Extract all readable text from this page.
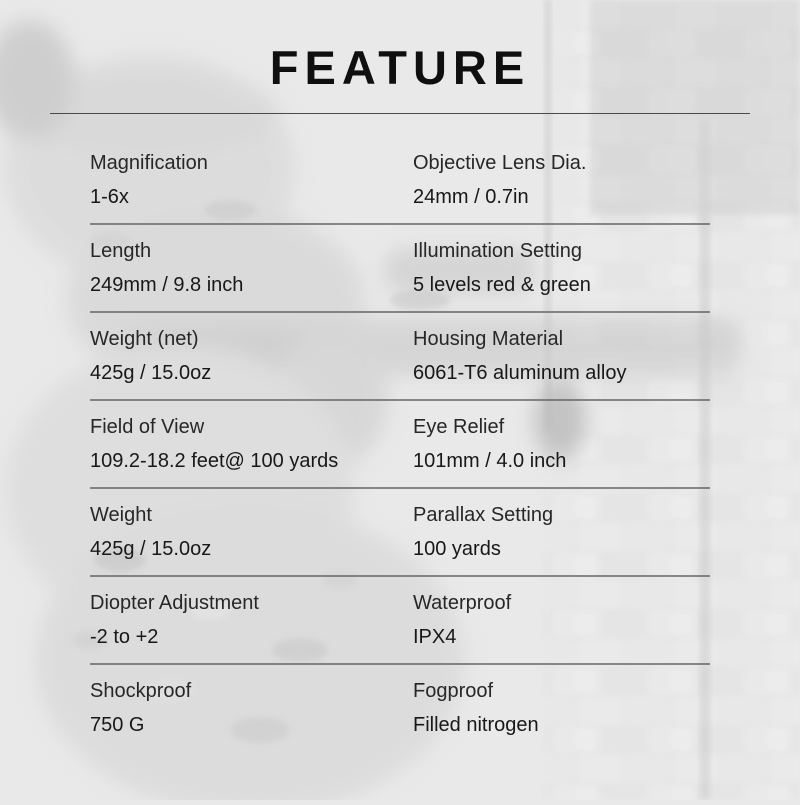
FEATURE
Magnification
1-6x
Objective Lens Dia.
24mm / 0.7in
Length
249mm / 9.8 inch
Illumination Setting
5 levels red & green
Weight (net)
425g / 15.0oz
Housing Material
6061-T6 aluminum alloy
Field of View
109.2-18.2 feet@ 100 yards
Eye Relief
101mm / 4.0 inch
Weight
425g / 15.0oz
Parallax Setting
100 yards
Diopter Adjustment
-2 to +2
Waterproof
IPX4
Shockproof
750 G
Fogproof
Filled nitrogen
